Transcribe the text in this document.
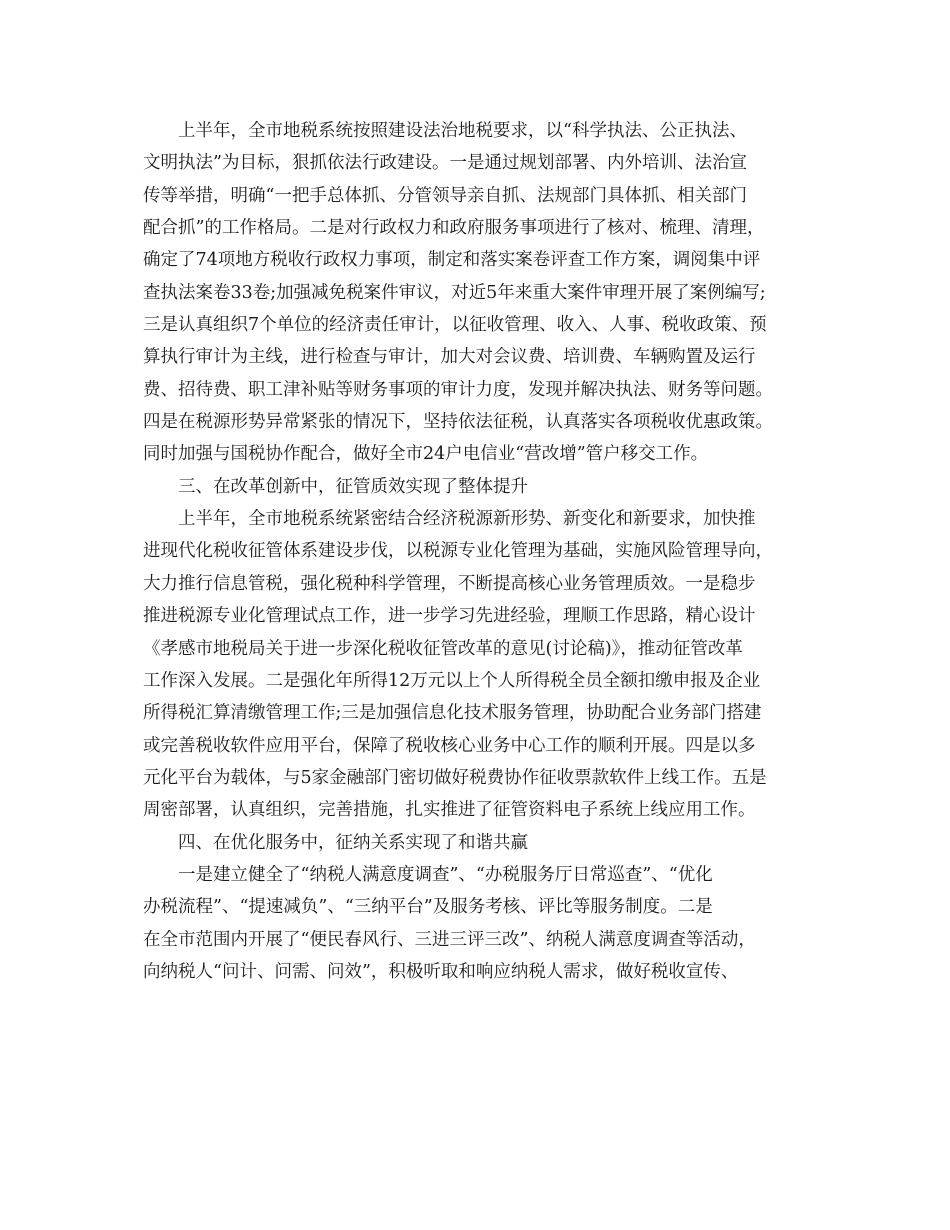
上半年，全市地税系统按照建设法治地税要求，以“科学执法、公正执法、

文明执法”为目标，狠抓依法行政建设。一是通过规划部署、内外培训、法治宣

传等举措，明确“一把手总体抓、分管领导亲自抓、法规部门具体抓、相关部门

配合抓”的工作格局。二是对行政权力和政府服务事项进行了核对、梳理、清理，

确定了74项地方税收行政权力事项，制定和落实案卷评查工作方案，调阅集中评

查执法案卷33卷;加强减免税案件审议，对近5年来重大案件审理开展了案例编写;

三是认真组织7个单位的经济责任审计，以征收管理、收入、人事、税收政策、预

算执行审计为主线，进行检查与审计，加大对会议费、培训费、车辆购置及运行

费、招待费、职工津补贴等财务事项的审计力度，发现并解决执法、财务等问题。

四是在税源形势异常紧张的情况下，坚持依法征税，认真落实各项税收优惠政策。

同时加强与国税协作配合，做好全市24户电信业“营改增”管户移交工作。

三、在改革创新中，征管质效实现了整体提升

上半年，全市地税系统紧密结合经济税源新形势、新变化和新要求，加快推

进现代化税收征管体系建设步伐，以税源专业化管理为基础，实施风险管理导向，

大力推行信息管税，强化税种科学管理，不断提高核心业务管理质效。一是稳步

推进税源专业化管理试点工作，进一步学习先进经验，理顺工作思路，精心设计

《孝感市地税局关于进一步深化税收征管改革的意见(讨论稿)》，推动征管改革

工作深入发展。二是强化年所得12万元以上个人所得税全员全额扣缴申报及企业

所得税汇算清缴管理工作;三是加强信息化技术服务管理，协助配合业务部门搭建

或完善税收软件应用平台，保障了税收核心业务中心工作的顺利开展。四是以多

元化平台为载体，与5家金融部门密切做好税费协作征收票款软件上线工作。五是

周密部署，认真组织，完善措施，扎实推进了征管资料电子系统上线应用工作。

四、在优化服务中，征纳关系实现了和谐共赢

一是建立健全了“纳税人满意度调查”、“办税服务厅日常巡查”、“优化

办税流程”、“提速减负”、“三纳平台”及服务考核、评比等服务制度。二是

在全市范围内开展了“便民春风行、三进三评三改”、纳税人满意度调查等活动，

向纳税人“问计、问需、问效”，积极听取和响应纳税人需求，做好税收宣传、
